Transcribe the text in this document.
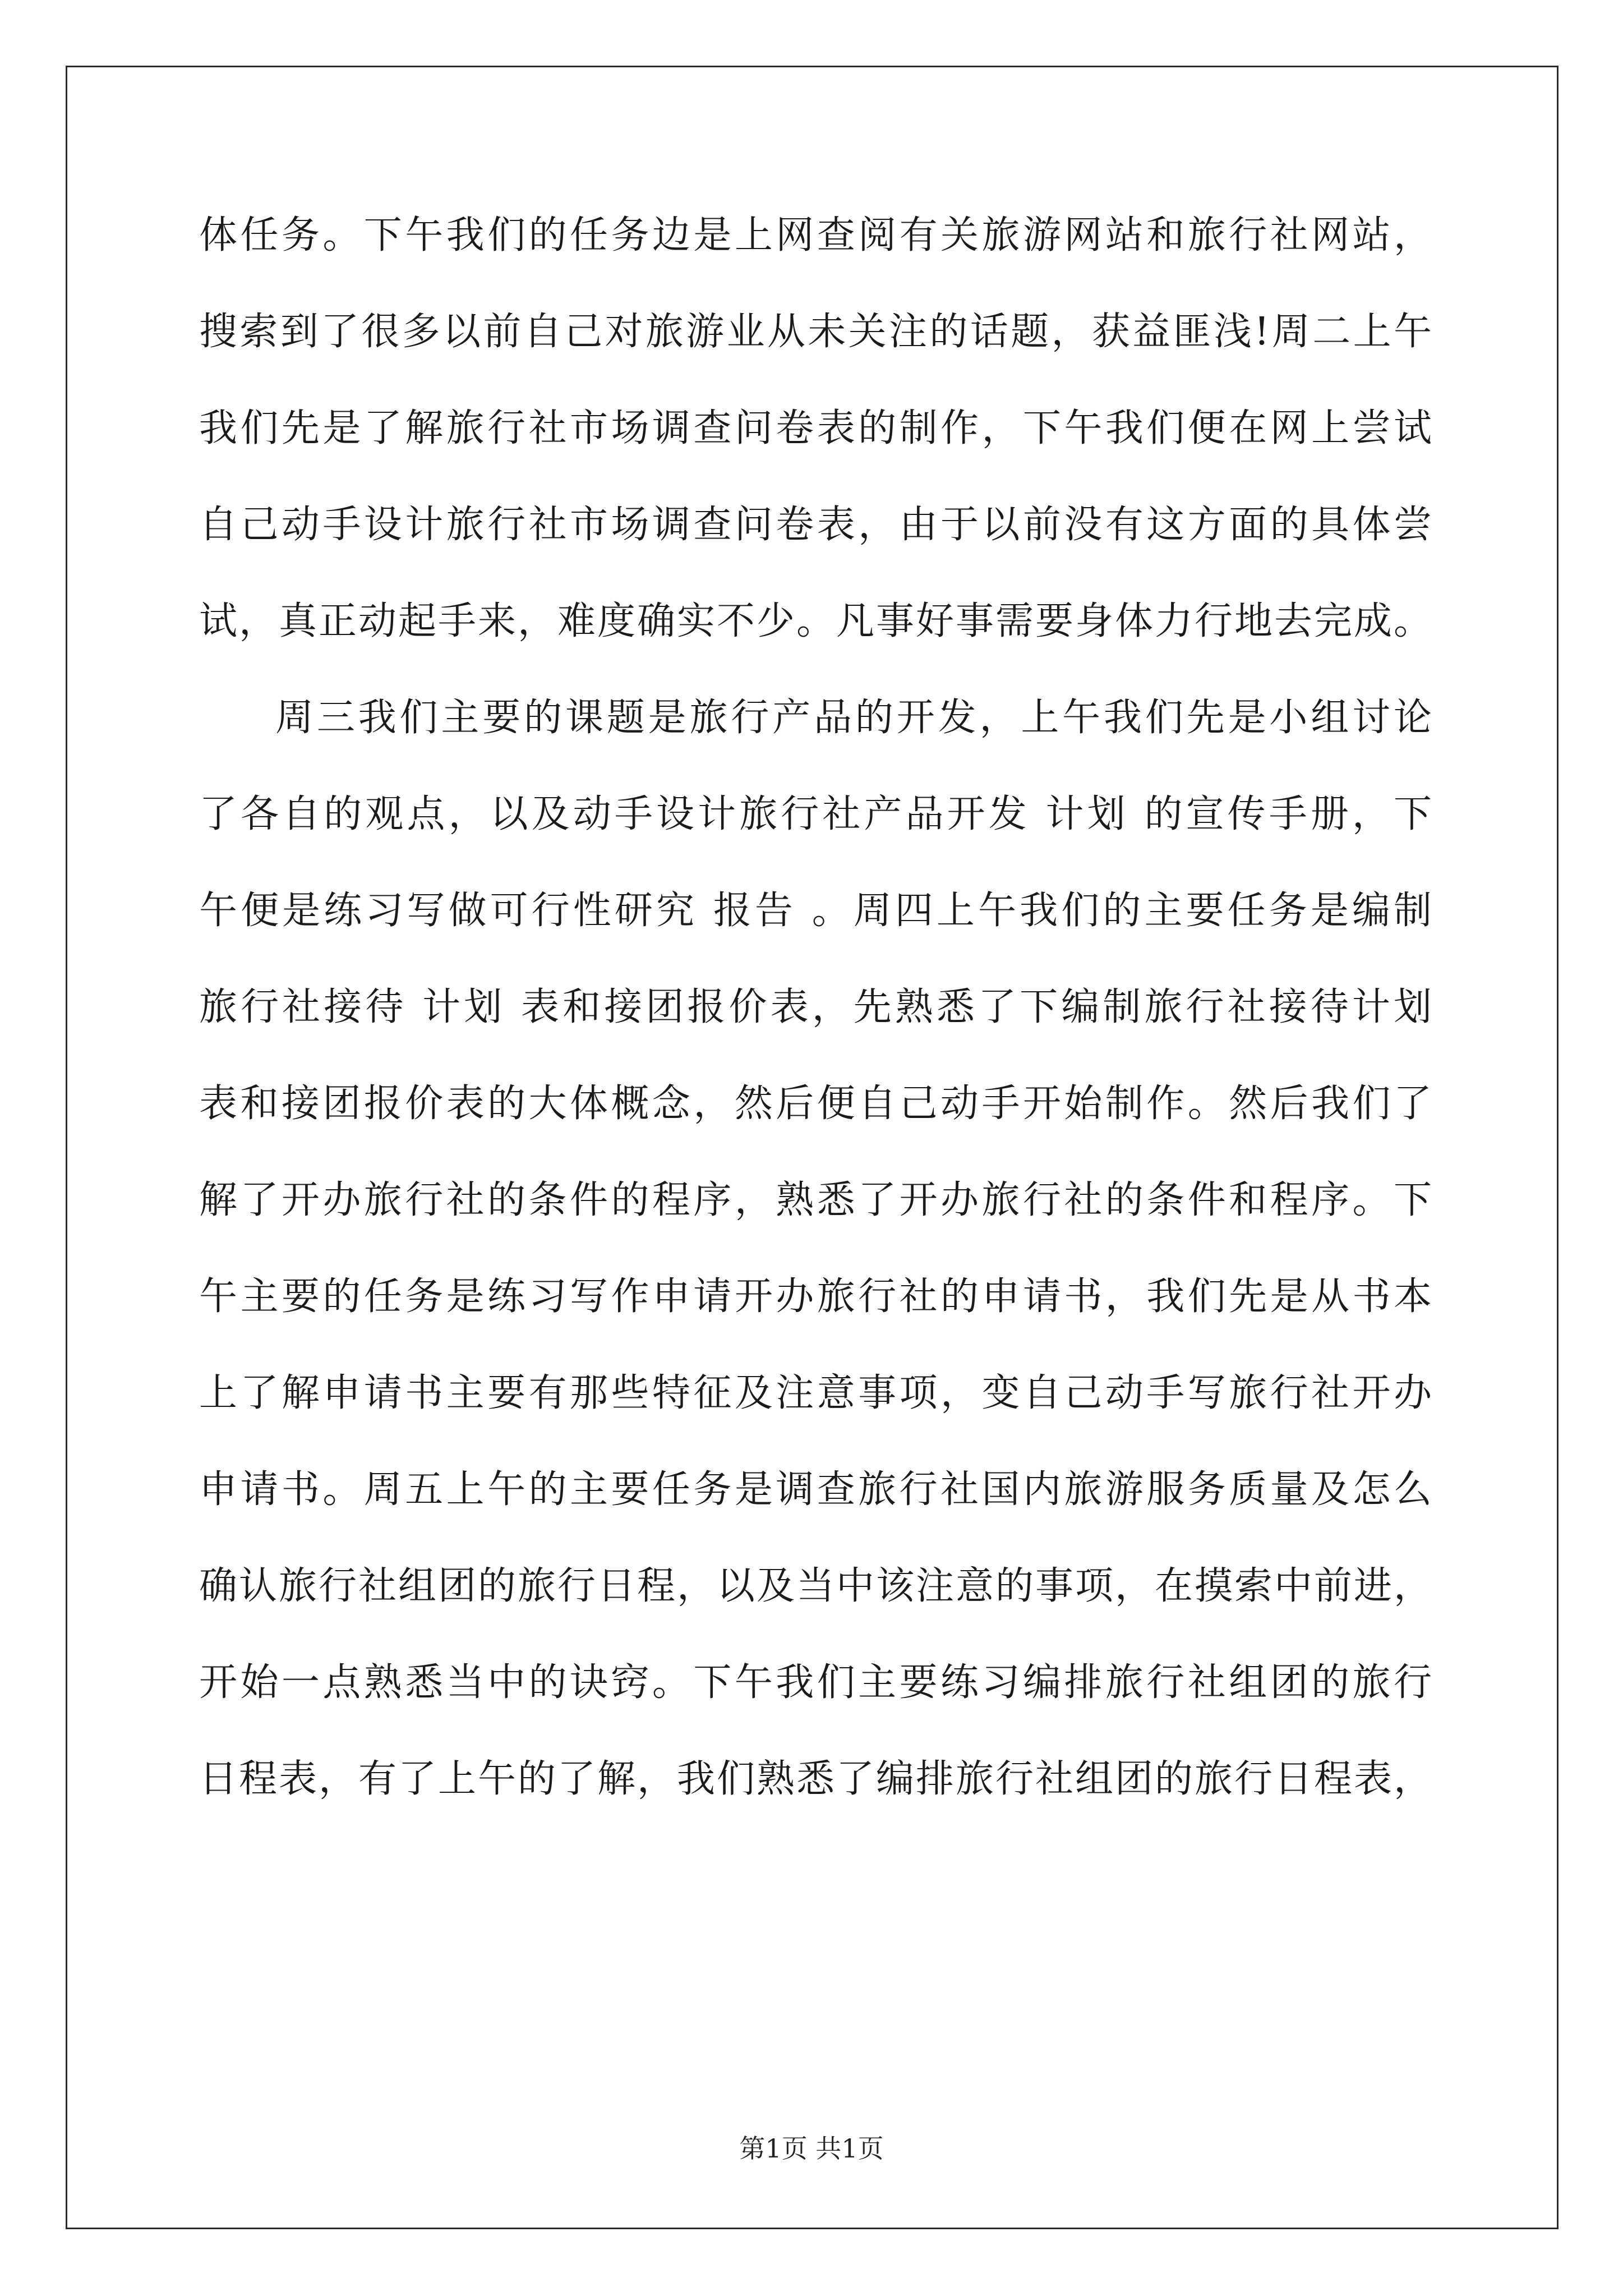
体任务。下午我们的任务边是上网查阅有关旅游网站和旅行社网站，
搜索到了很多以前自己对旅游业从未关注的话题，获益匪浅!周二上午
我们先是了解旅行社市场调查问卷表的制作，下午我们便在网上尝试
自己动手设计旅行社市场调查问卷表，由于以前没有这方面的具体尝
试，真正动起手来，难度确实不少。凡事好事需要身体力行地去完成。
周三我们主要的课题是旅行产品的开发，上午我们先是小组讨论
了各自的观点，以及动手设计旅行社产品开发 计划 的宣传手册，下
午便是练习写做可行性研究 报告 。周四上午我们的主要任务是编制
旅行社接待 计划 表和接团报价表，先熟悉了下编制旅行社接待计划
表和接团报价表的大体概念，然后便自己动手开始制作。然后我们了
解了开办旅行社的条件的程序，熟悉了开办旅行社的条件和程序。下
午主要的任务是练习写作申请开办旅行社的申请书，我们先是从书本
上了解申请书主要有那些特征及注意事项，变自己动手写旅行社开办
申请书。周五上午的主要任务是调查旅行社国内旅游服务质量及怎么
确认旅行社组团的旅行日程，以及当中该注意的事项，在摸索中前进，
开始一点熟悉当中的诀窍。下午我们主要练习编排旅行社组团的旅行
日程表，有了上午的了解，我们熟悉了编排旅行社组团的旅行日程表，
第1页 共1页
